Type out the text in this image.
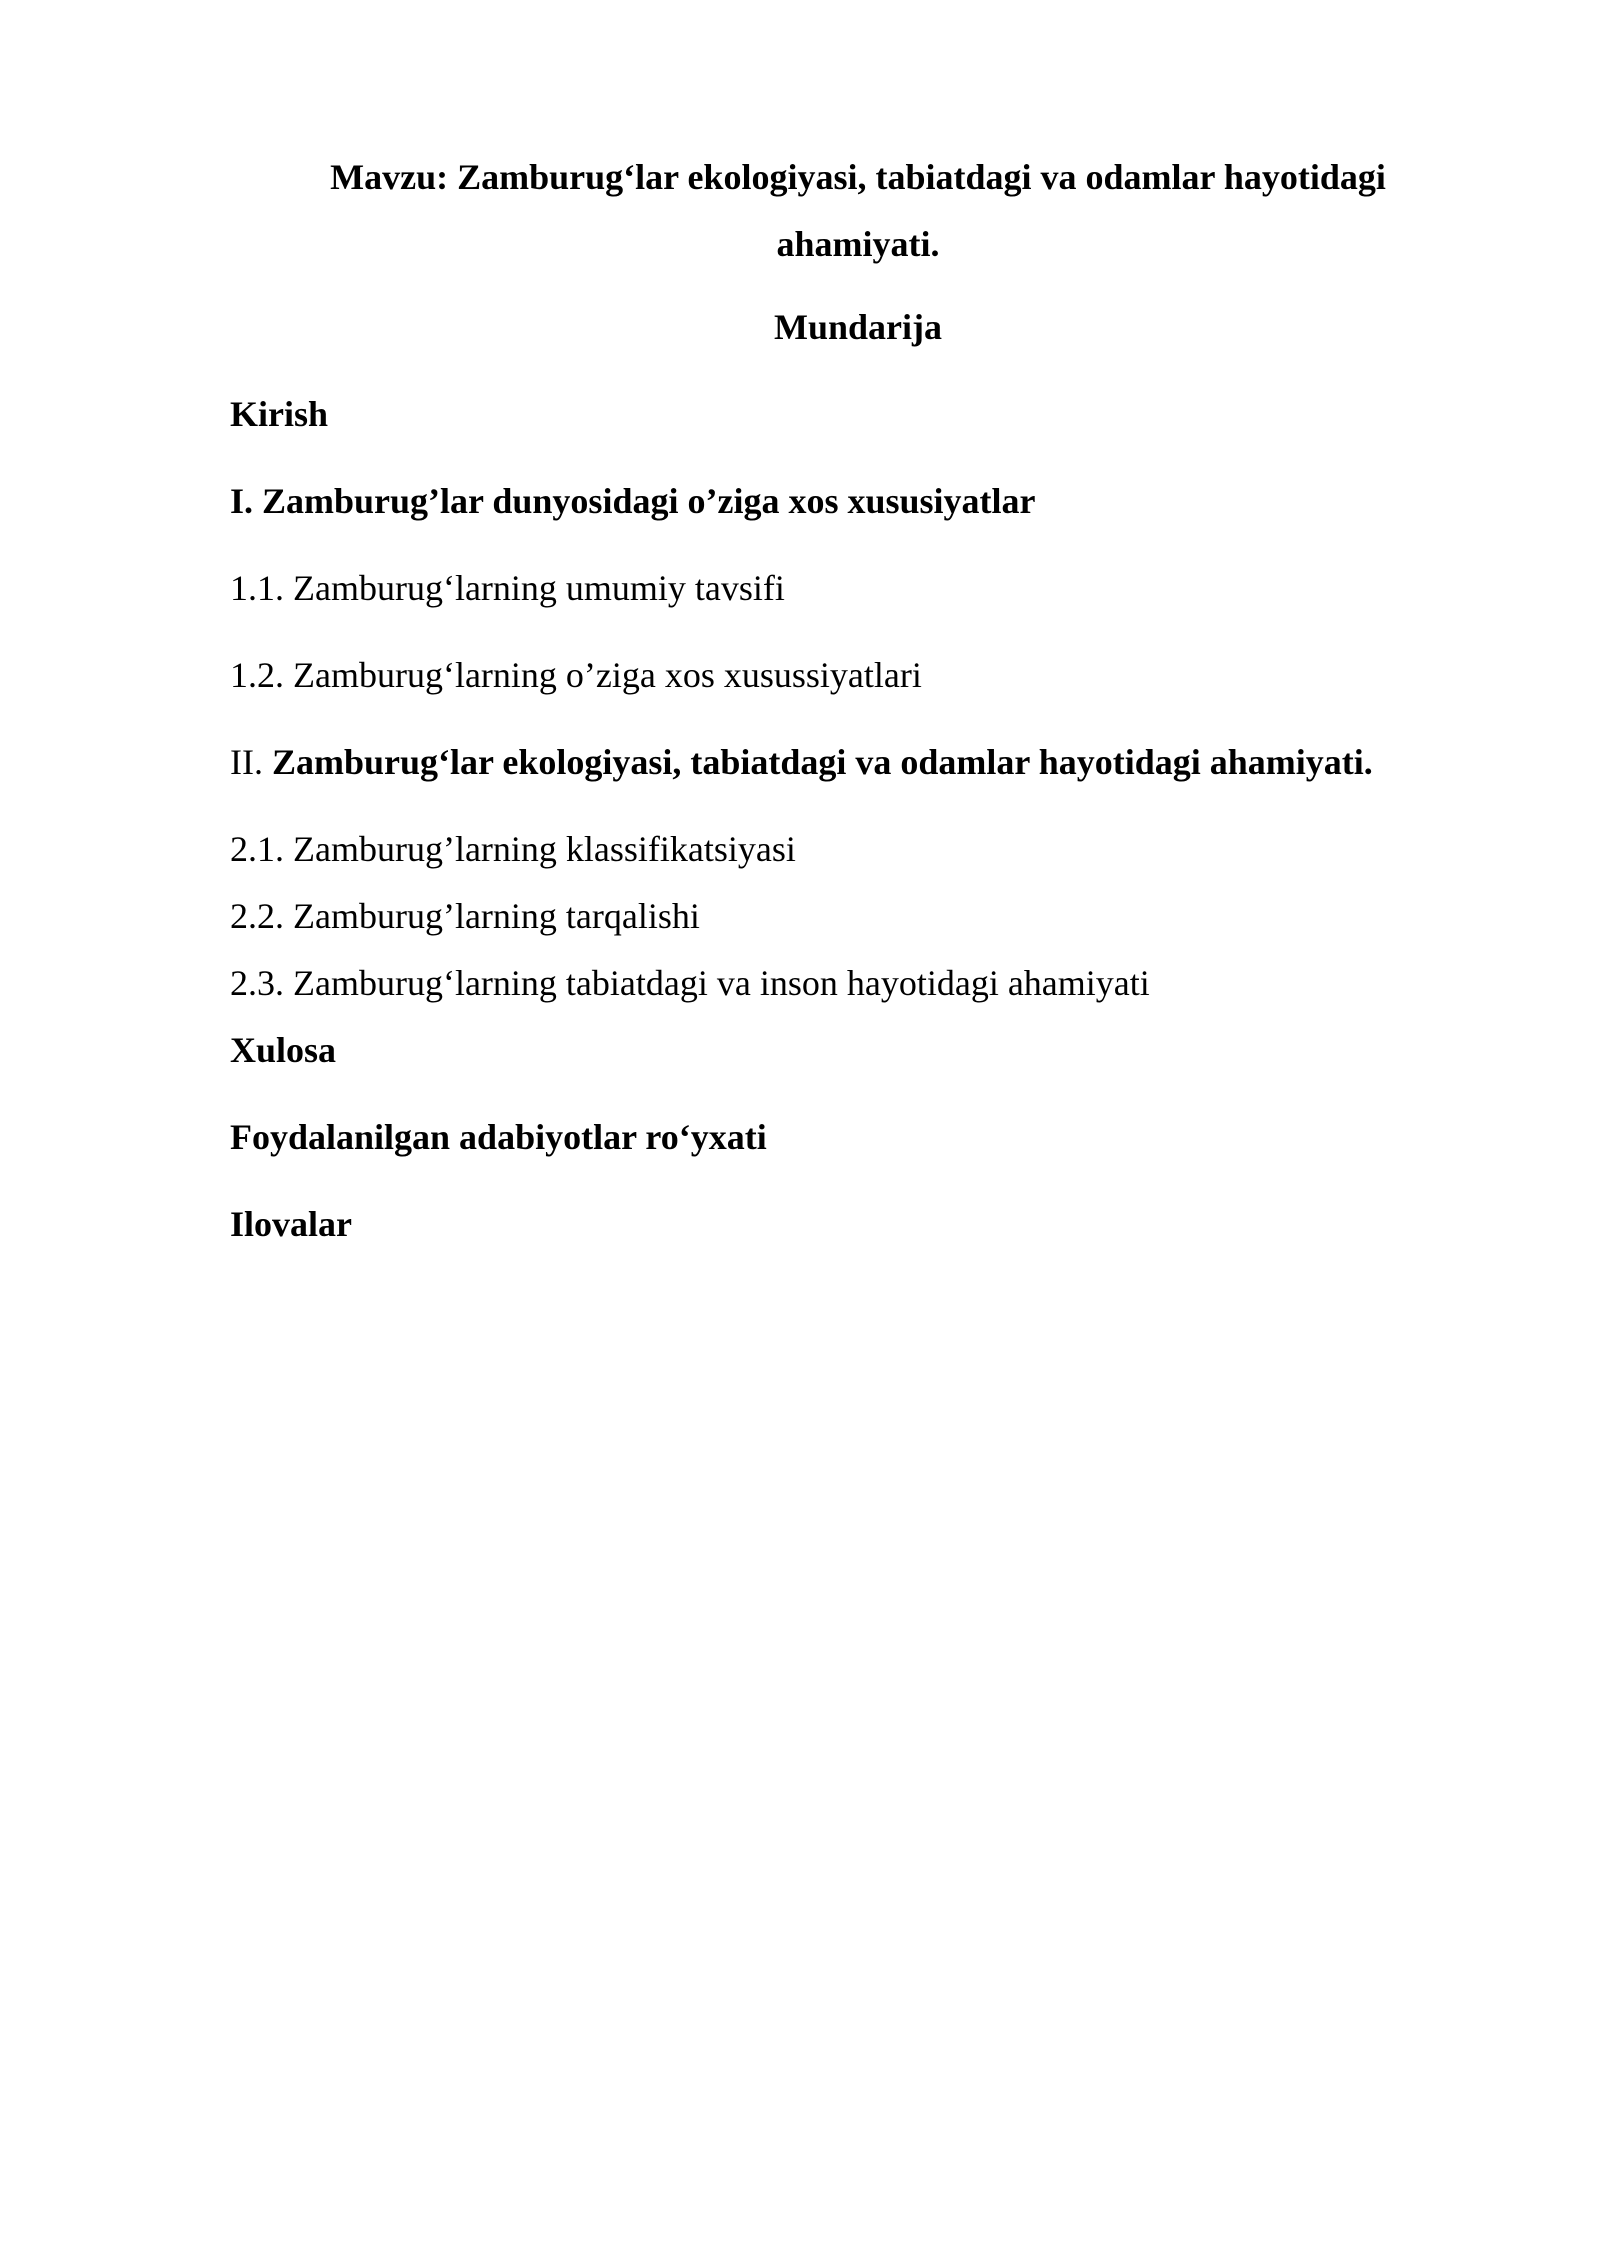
Mavzu: Zamburug‘lar ekologiyasi, tabiatdagi va odamlar hayotidagi
ahamiyati.
Mundarija
Kirish
I. Zamburug’lar dunyosidagi o’ziga xos xususiyatlar
1.1. Zamburug‘larning umumiy tavsifi
1.2. Zamburug‘larning o’ziga xos xusussiyatlari
II. Zamburug‘lar ekologiyasi, tabiatdagi va odamlar hayotidagi ahamiyati.
2.1. Zamburug’larning klassifikatsiyasi
2.2. Zamburug’larning tarqalishi
2.3. Zamburug‘larning tabiatdagi va inson hayotidagi ahamiyati
Xulosa
Foydalanilgan adabiyotlar ro‘yxati
Ilovalar
